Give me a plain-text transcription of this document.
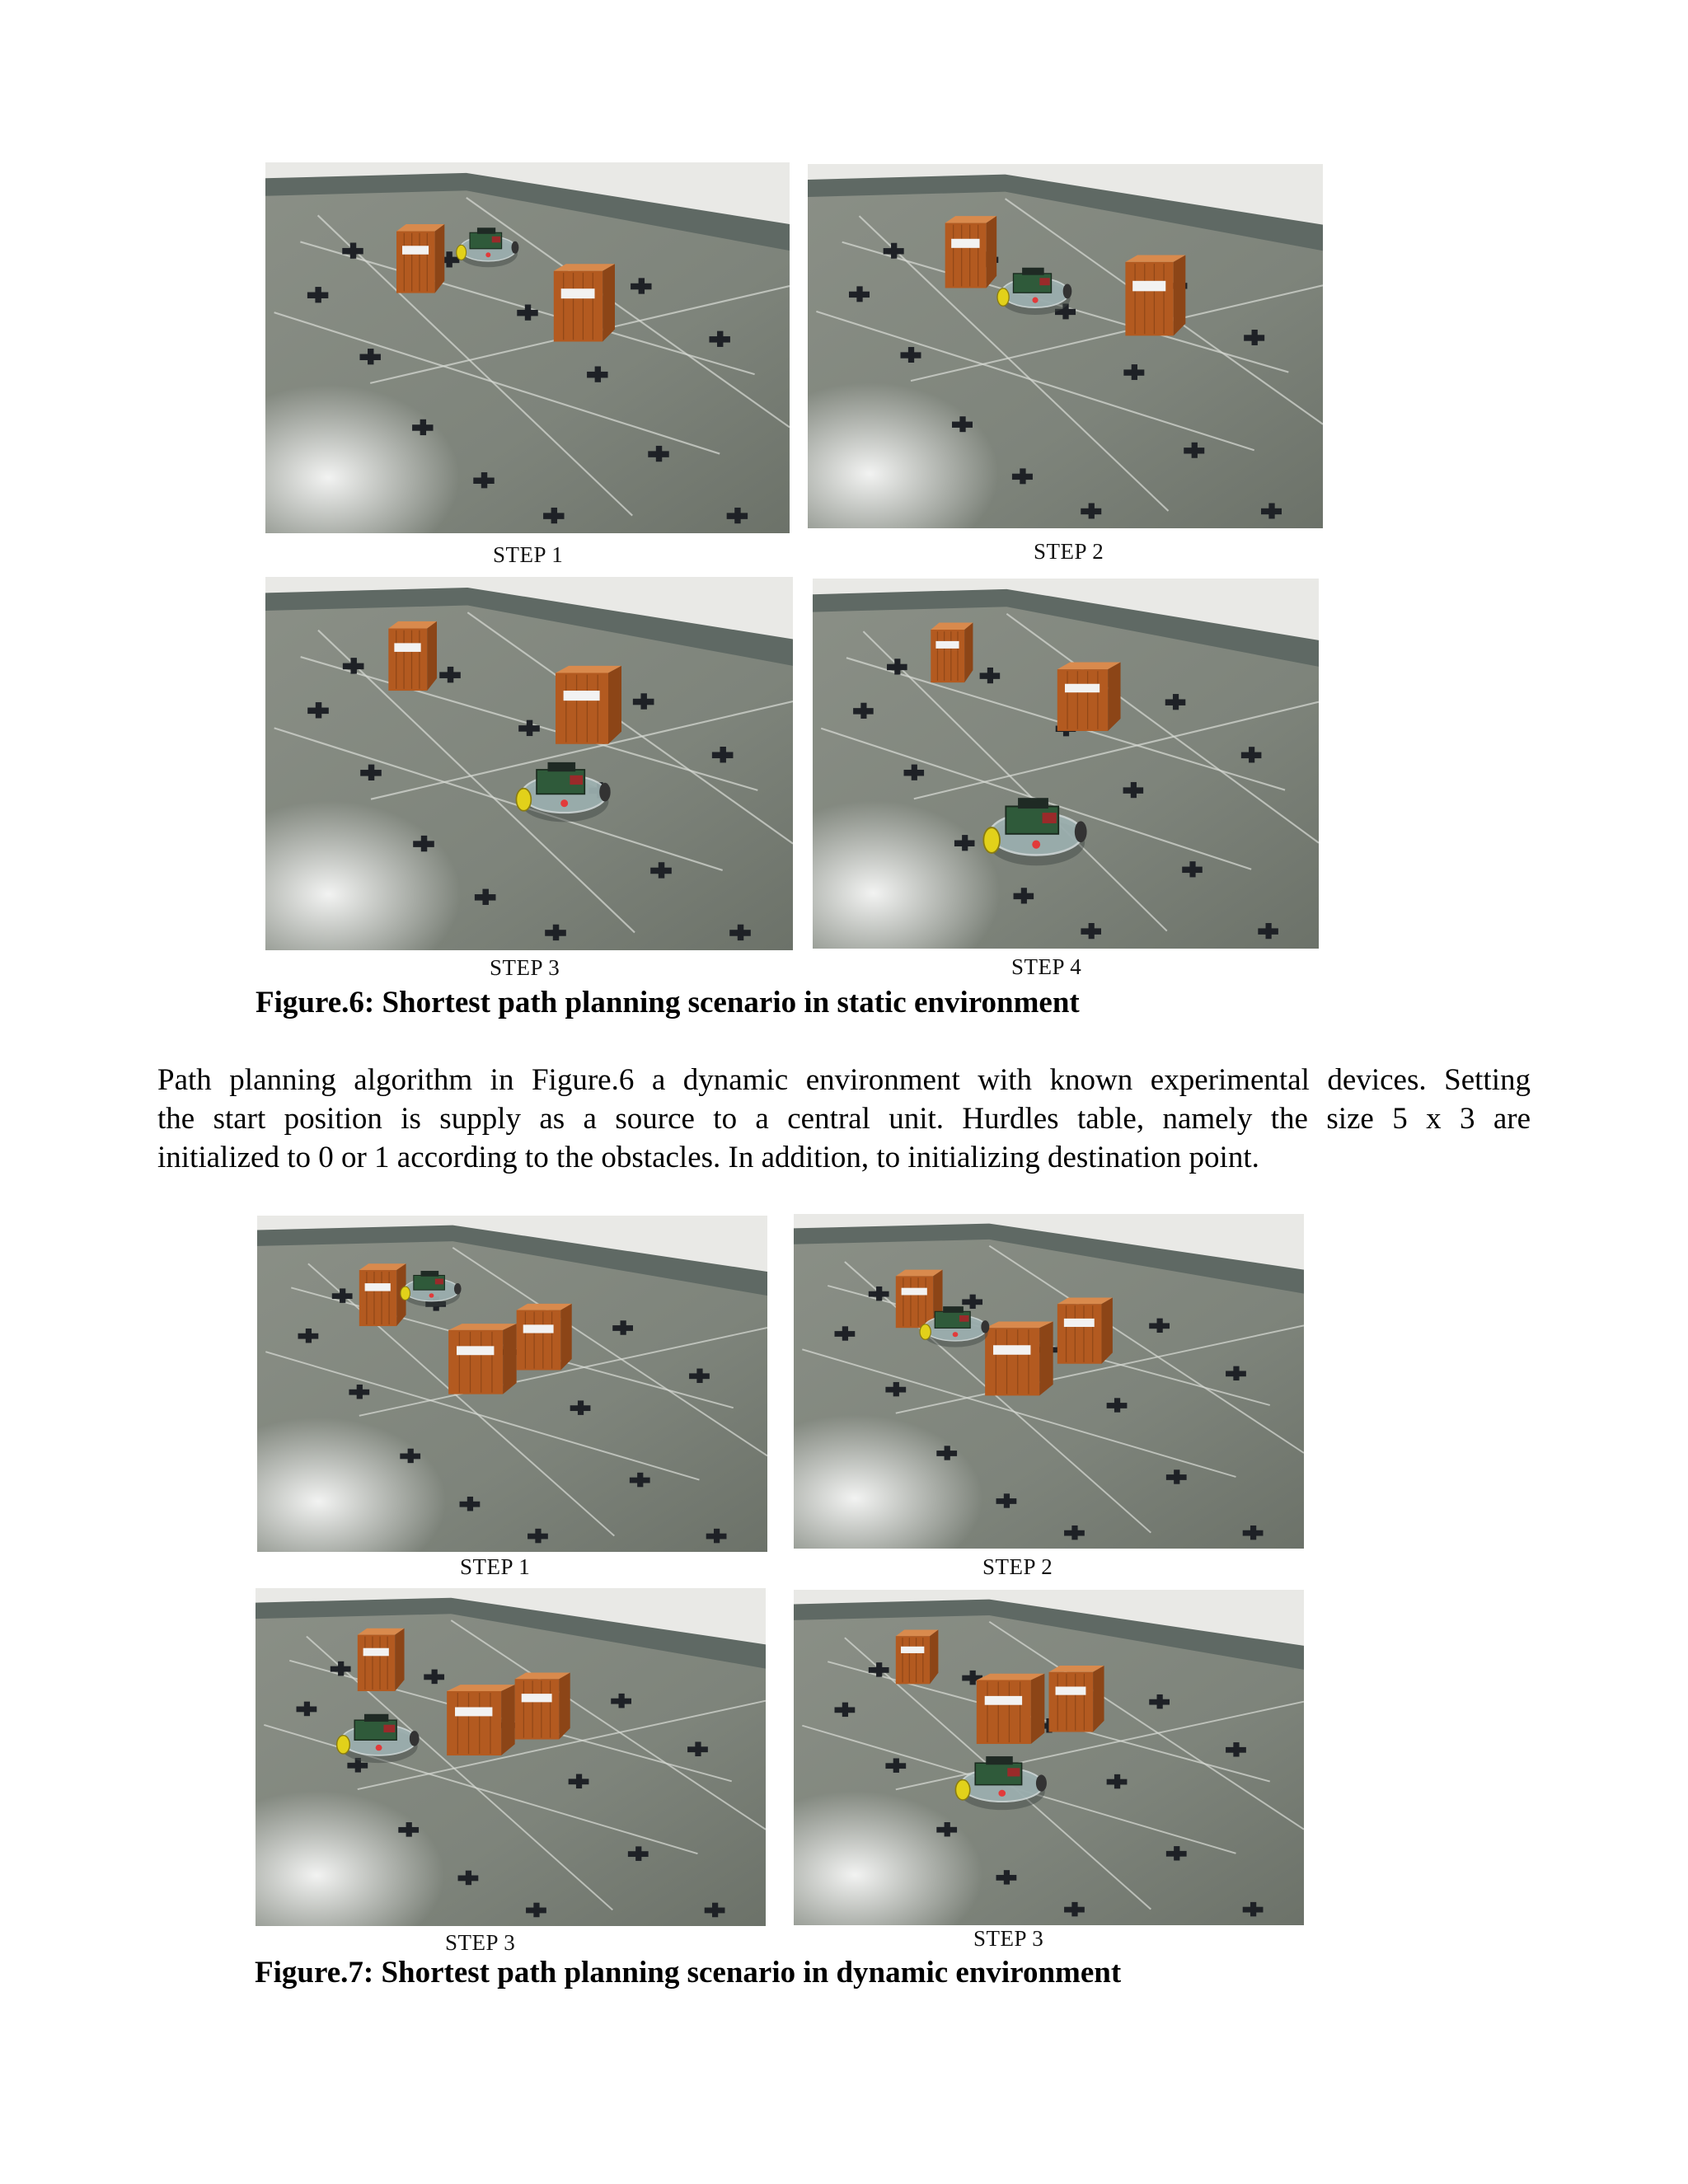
STEP 1	STEP 2
STEP 3	STEP 4
Figure.6: Shortest path planning scenario in static environment
Path planning algorithm in Figure.6 a dynamic environment with known experimental devices. Setting
the start position is supply as a source to a central unit. Hurdles table, namely the size 5 x 3 are
initialized to 0 or 1 according to the obstacles. In addition, to initializing destination point.
STEP 1	STEP 2
STEP 3	STEP 3
Figure.7: Shortest path planning scenario in dynamic environment
